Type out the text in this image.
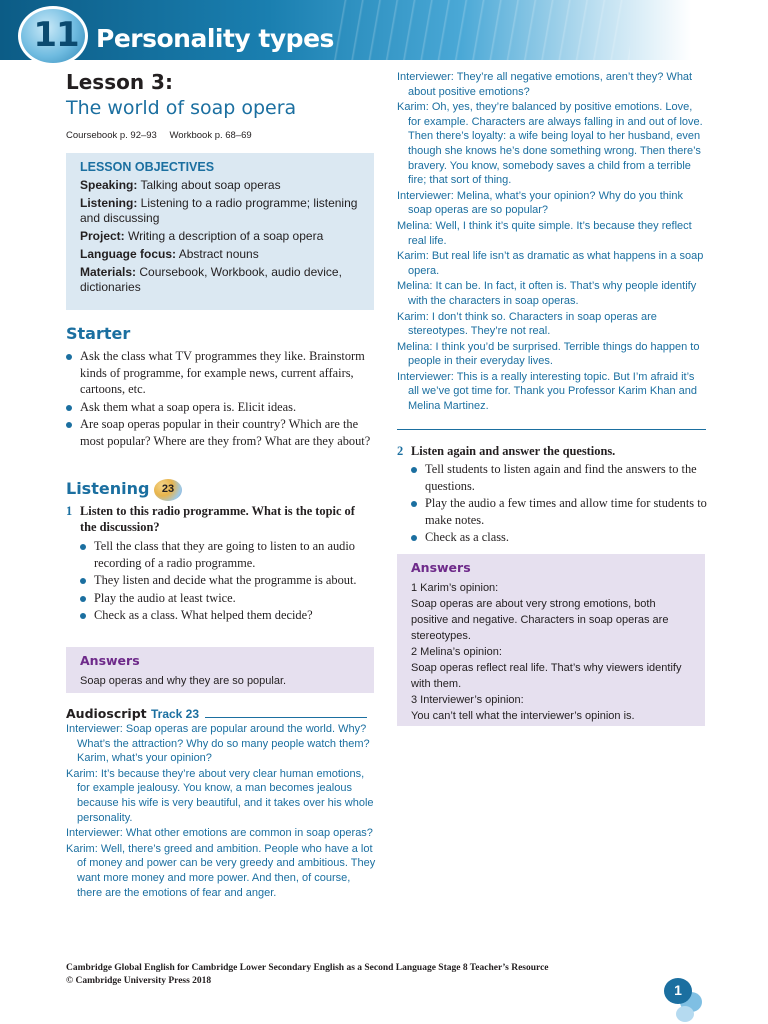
11 Personality types
Lesson 3:
The world of soap opera
Coursebook p. 92–93 Workbook p. 68–69
LESSON OBJECTIVES
Speaking: Talking about soap operas
Listening: Listening to a radio programme; listening and discussing
Project: Writing a description of a soap opera
Language focus: Abstract nouns
Materials: Coursebook, Workbook, audio device, dictionaries
Starter
Ask the class what TV programmes they like. Brainstorm kinds of programme, for example news, current affairs, cartoons, etc.
Ask them what a soap opera is. Elicit ideas.
Are soap operas popular in their country? Which are the most popular? Where are they from? What are they about?
Listening	23
1 Listen to this radio programme. What is the topic of the discussion?
Tell the class that they are going to listen to an audio recording of a radio programme.
They listen and decide what the programme is about.
Play the audio at least twice.
Check as a class. What helped them decide?
Answers
Soap operas and why they are so popular.
Audioscript Track 23

Interviewer: Soap operas are popular around the world. Why? What’s the attraction? Why do so many people watch them? Karim, what’s your opinion?

Karim: It’s because they’re about very clear human emotions, for example jealousy. You know, a man becomes jealous because his wife is very beautiful, and it takes over his whole personality.

Interviewer: What other emotions are common in soap operas?

Karim: Well, there’s greed and ambition. People who have a lot of money and power can be very greedy and ambitious. They want more money and more power. And then, of course, there are the emotions of fear and anger.

Interviewer: They’re all negative emotions, aren’t they? What about positive emotions?

Karim: Oh, yes, they’re balanced by positive emotions. Love, for example. Characters are always falling in and out of love. Then there’s loyalty: a wife being loyal to her husband, even though she knows he’s done something wrong. Then there’s bravery. You know, somebody saves a child from a terrible fire; that sort of thing.

Interviewer: Melina, what’s your opinion? Why do you think soap operas are so popular?

Melina: Well, I think it’s quite simple. It’s because they reflect real life.

Karim: But real life isn’t as dramatic as what happens in a soap opera.

Melina: It can be. In fact, it often is. That’s why people identify with the characters in soap operas.

Karim: I don’t think so. Characters in soap operas are stereotypes. They’re not real.

Melina: I think you’d be surprised. Terrible things do happen to people in their everyday lives.

Interviewer: This is a really interesting topic. But I’m afraid it’s all we’ve got time for. Thank you Professor Karim Khan and Melina Martinez.

2 Listen again and answer the questions.
Tell students to listen again and find the answers to the questions.
Play the audio a few times and allow time for students to make notes.
Check as a class.
Answers
1 Karim’s opinion:
Soap operas are about very strong emotions, both positive and negative. Characters in soap operas are stereotypes.
2 Melina’s opinion:
Soap operas reflect real life. That’s why viewers identify with them.
3 Interviewer’s opinion:
You can’t tell what the interviewer’s opinion is.
Cambridge Global English for Cambridge Lower Secondary English as a Second Language Stage 8 Teacher’s Resource
© Cambridge University Press 2018
1
